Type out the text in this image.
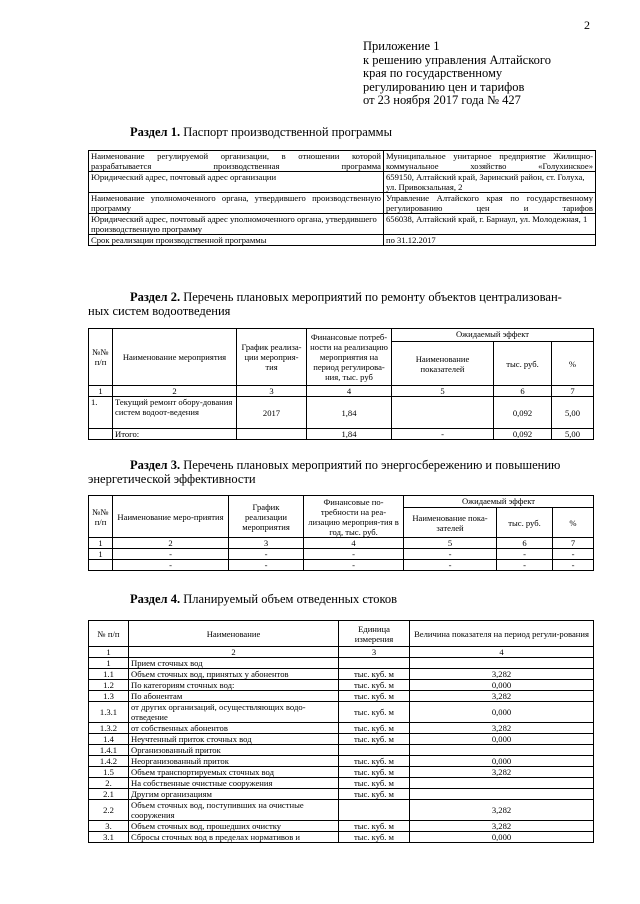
2
Приложение 1
к решению управления Алтайского
края по государственному
регулированию цен и тарифов
от 23 ноября 2017 года № 427
Раздел 1. Паспорт производственной программы
Наименование регулируемой организации, в отношении которой разрабатывается производственная программа	Муниципальное унитарное предприятие Жилищно-коммунальное хозяйство «Голухинское»
Юридический адрес, почтовый адрес организации	659150, Алтайский край, Заринский район, ст. Голуха, ул. Привокзальная, 2
Наименование уполномоченного органа, утвердившего производственную программу	Управление Алтайского края по государственному регулированию цен и тарифов
Юридический адрес, почтовый адрес уполномоченного органа, утвердившего производственную программу	656038, Алтайский край, г. Барнаул, ул. Молодежная, 1
Срок реализации производственной программы	по 31.12.2017
Раздел 2. Перечень плановых мероприятий по ремонту объектов централизован-
ных систем водоотведения
№№ п/п	Наименование мероприятия	График реализа-ции мероприя-тия	Финансовые потреб-ности на реализацию мероприятия на период регулирова-ния, тыс. руб	Ожидаемый эффект		
				Наименование показателей	тыс. руб.	%
1	2	3	4	5	6	7
1.	Текущий ремонт обору-дования систем водоот-ведения	2017	1,84		0,092	5,00
	Итого:		1,84	-	0,092	5,00
Раздел 3. Перечень плановых мероприятий по энергосбережению и повышению
энергетической эффективности
№№ п/п	Наименование меро-приятия	График реализации мероприятия	Финансовые по-требности на реа-лизацию мероприя-тия в год, тыс. руб.	Ожидаемый эффект		
				Наименование пока-зателей	тыс. руб.	%
1	2	3	4	5	6	7
1	-	-	-	-	-	-
	-	-	-	-	-	-
Раздел 4. Планируемый объем отведенных стоков
№ п/п	Наименование	Единица измерения	Величина показателя на период регули-рования
1	2	3	4
1	Прием сточных вод		
1.1	Объем сточных вод, принятых у абонентов	тыс. куб. м	3,282
1.2	По категориям сточных вод:	тыс. куб. м	0,000
1.3	По абонентам	тыс. куб. м	3,282
1.3.1	от других организаций, осуществляющих водо-отведение	тыс. куб. м	0,000
1.3.2	от собственных абонентов	тыс. куб. м	3,282
1.4	Неучтенный приток сточных вод	тыс. куб. м	0,000
1.4.1	Организованный приток		
1.4.2	Неорганизованный приток	тыс. куб. м	0,000
1.5	Объем транспортируемых сточных вод	тыс. куб. м	3,282
2.	На собственные очистные сооружения	тыс. куб. м	
2.1	Другим организациям	тыс. куб. м	
2.2	Объем сточных вод, поступивших на очистные сооружения		3,282
3.	Объем сточных вод, прошедших очистку	тыс. куб. м	3,282
3.1	Сбросы сточных вод в пределах нормативов и	тыс. куб. м	0,000
